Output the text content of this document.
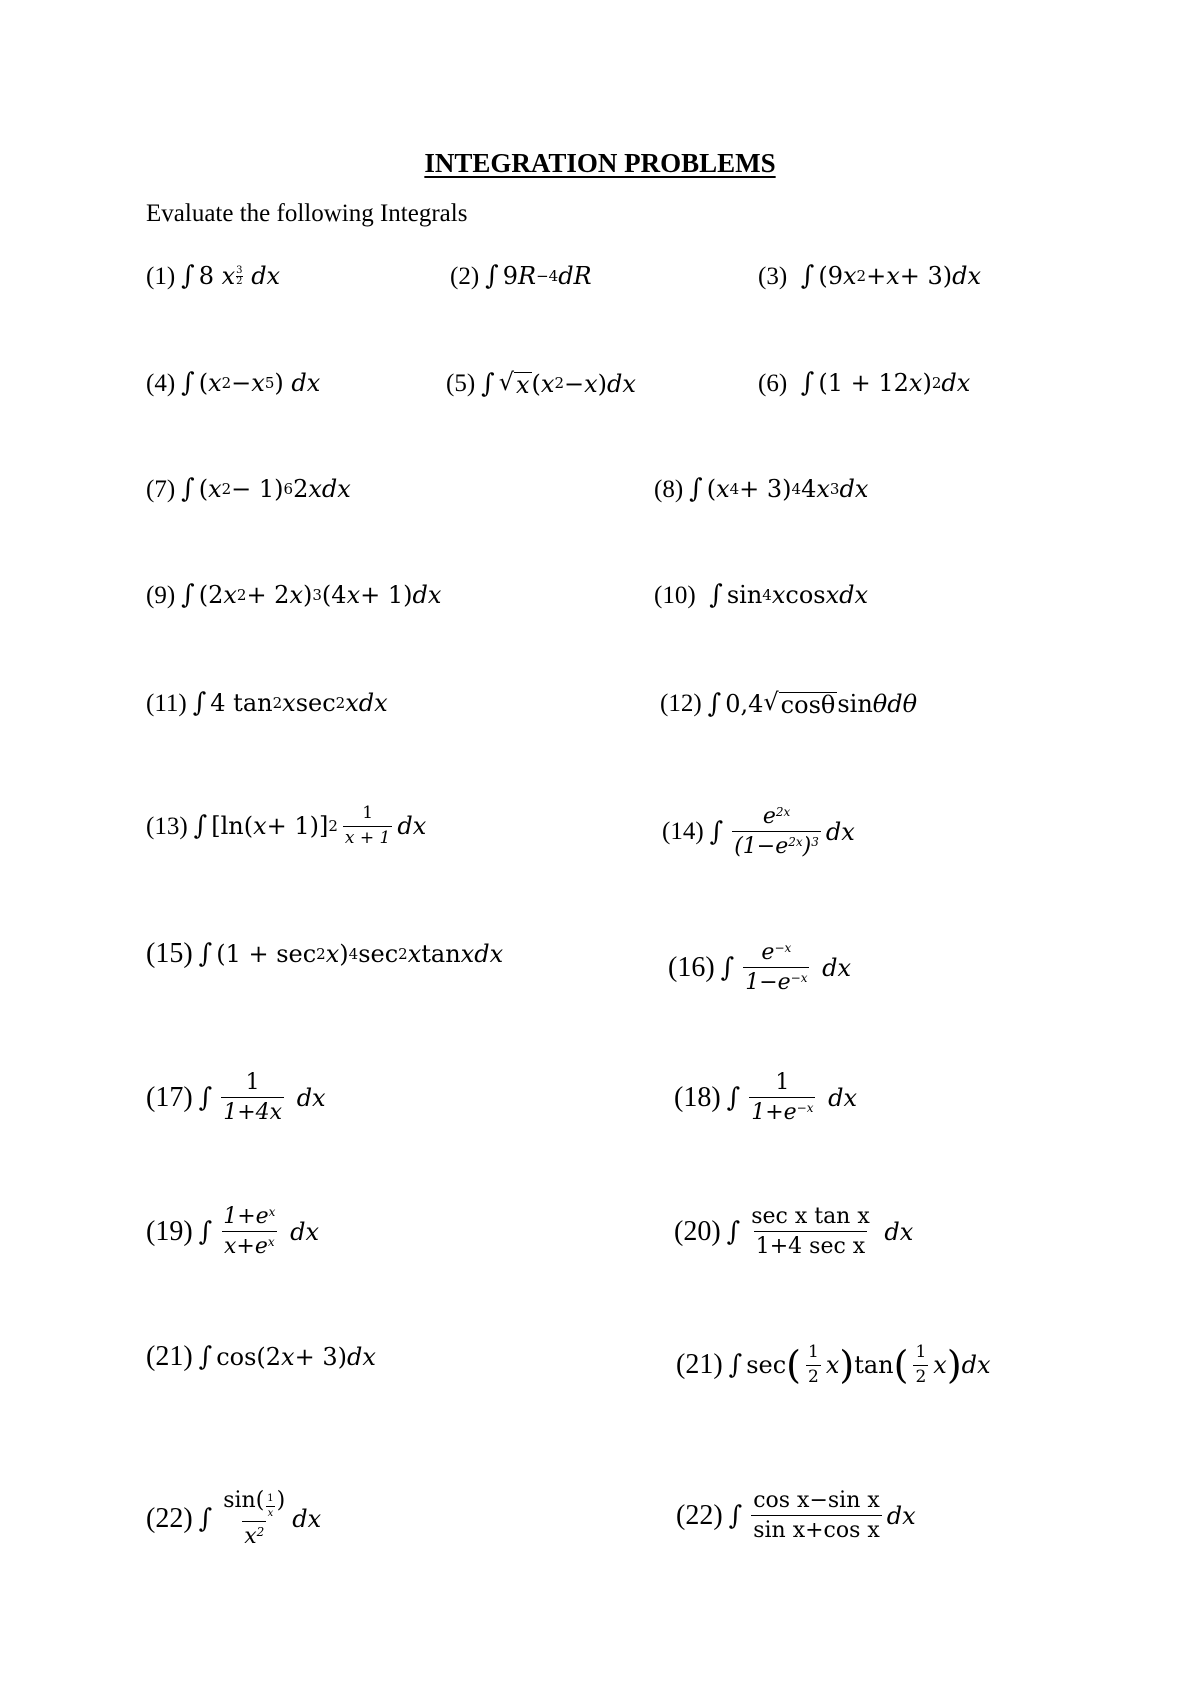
INTEGRATION PROBLEMS
Evaluate the following Integrals
(1) ∫ 8
x 3
2
dx	(2) ∫ 9 R −4 dR	(3)
∫ (9 x 2 + x + 3) dx
(4) ∫ ( x 2 − x 5 )
dx	(5) ∫ √ x ( x 2 − x ) dx	(6)
∫ (1 + 12 x ) 2 dx
(7) ∫ ( x 2 − 1) 6 2 x dx	(8) ∫ ( x 4 + 3) 4 4 x 3 dx
(9) ∫ (2 x 2 + 2 x ) 3 (4 x + 1) dx	(10)
∫ sin 4 x cos x dx
(11) ∫ 4 tan 2 x sec 2 x dx	(12) ∫ 0,4 √ cosθ sin θ dθ
(13) ∫ [ln( x + 1)] $2 \frac{1}{x + 1}$ dx	(14) ∫ $\frac{e^{2x}}{(1-e^{2x})^3}$ dx
(15) ∫ (1 + sec 2 x ) 4 sec 2 x tan x dx	(16) ∫ $\frac{e^{-x}}{1-e^{-x}}$
dx
(17) ∫ $\frac{1}{1+4x}$
dx	(18) ∫ $\frac{1}{1+e^{-x}}$
dx
(19) ∫ $\frac{1+e^x}{x+e^x}$
dx	(20) ∫ $\frac{\text{sec x tan x}}{\text{1+4 sec x}}$
dx
(21) ∫ cos(2 x + 3) dx	(21) ∫ sec ( $\frac{1}{2}$ x ) tan ( $\frac{1}{2}$ x ) dx
(22) ∫ $\frac{\sin( \frac{1}{x} )}{x^2}$ dx	(22) ∫ $\frac{\text{cos x−sin x}}{\text{sin x+cos x}}$ dx
